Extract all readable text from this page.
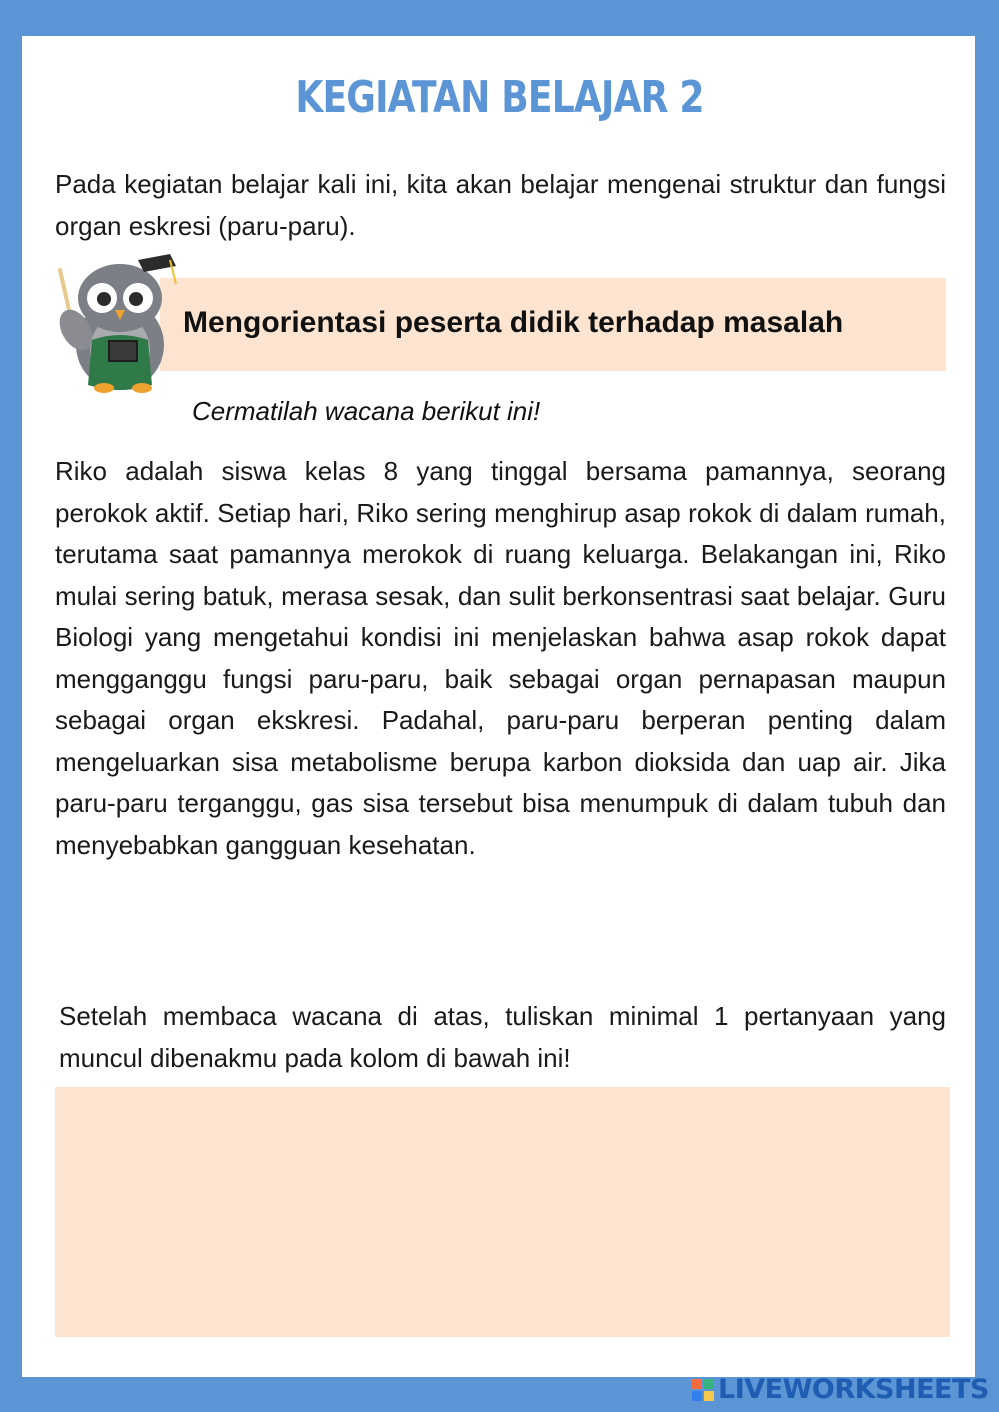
KEGIATAN BELAJAR 2

Pada kegiatan belajar kali ini, kita akan belajar mengenai struktur dan fungsi organ eskresi (paru-paru).

Mengorientasi peserta didik terhadap masalah

Cermatilah wacana berikut ini!

Riko adalah siswa kelas 8 yang tinggal bersama pamannya, seorang perokok aktif. Setiap hari, Riko sering menghirup asap rokok di dalam rumah, terutama saat pamannya merokok di ruang keluarga. Belakangan ini, Riko mulai sering batuk, merasa sesak, dan sulit berkonsentrasi saat belajar. Guru Biologi yang mengetahui kondisi ini menjelaskan bahwa asap rokok dapat mengganggu fungsi paru-paru, baik sebagai organ pernapasan maupun sebagai organ ekskresi. Padahal, paru-paru berperan penting dalam mengeluarkan sisa metabolisme berupa karbon dioksida dan uap air. Jika paru-paru terganggu, gas sisa tersebut bisa menumpuk di dalam tubuh dan menyebabkan gangguan kesehatan.

Setelah membaca wacana di atas, tuliskan minimal 1 pertanyaan yang muncul dibenakmu pada kolom di bawah ini!

LIVEWORKSHEETS
